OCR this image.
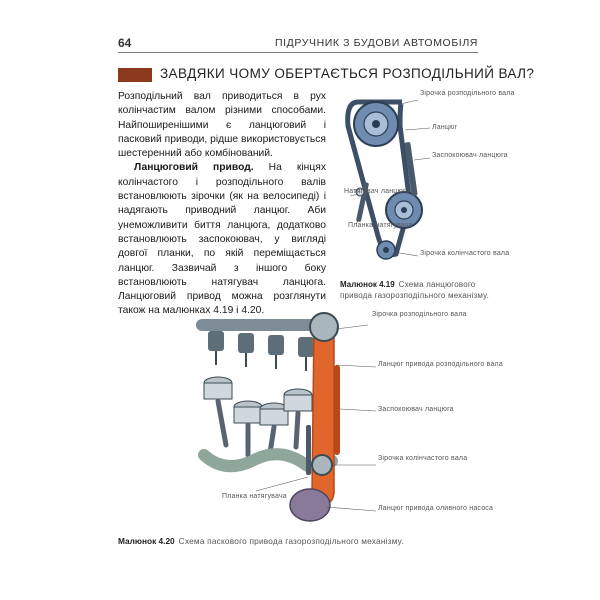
64	ПІДРУЧНИК З БУДОВИ АВТОМОБІЛЯ
ЗАВДЯКИ ЧОМУ ОБЕРТАЄТЬСЯ РОЗПОДІЛЬНИЙ ВАЛ?

Розподільний вал приводиться в рух колінчастим валом різними способами. Найпоширенішими є ланцюговий і пасковий приводи, рідше використовується шестеренний або комбінований.

Ланцюговий привод. На кінцях колінчастого і розподільного валів встановлюють зірочки (як на велосипеді) і надягають приводний ланцюг. Аби унеможливити биття ланцюга, додатково встановлюють заспокоювач, у вигляді довгої планки, по якій переміщається ланцюг. Зазвичай з іншого боку встановлюють натягувач ланцюга. Ланцюговий привод можна розглянути також на малюнках 4.19 і 4.20.

Зірочка розподільного вала
Ланцюг
Заспокоювач ланцюга
Натягувач ланцюга
Планка натягувача
Зірочка колінчастого вала
Малюнок 4.19 Схема ланцюгового привода газорозподільного механізму.
Зірочка розподільного вала
Ланцюг привода розподільного вала
Заспокоювач ланцюга
Зірочка колінчастого вала
Планка натягувача
Ланцюг привода оливного насоса
Малюнок 4.20 Схема паскового привода газорозподільного механізму.
